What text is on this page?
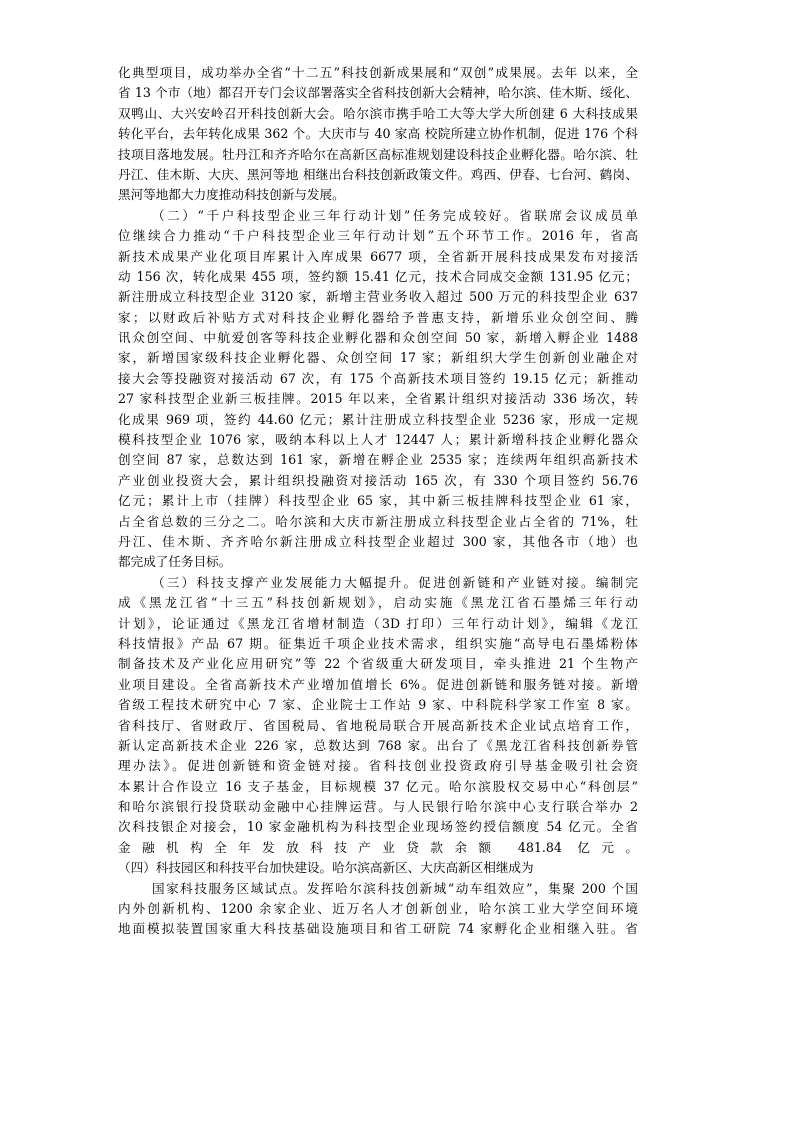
化典型项目，成功举办全省“十二五”科技创新成果展和“双创”成果展。去年 以来，全
省 13 个市（地）都召开专门会议部署落实全省科技创新大会精神，哈尔滨、佳木斯、绥化、
双鸭山、大兴安岭召开科技创新大会。哈尔滨市携手哈工大等大学大所创建 6 大科技成果
转化平台，去年转化成果 362 个。大庆市与 40 家高 校院所建立协作机制，促进 176 个科
技项目落地发展。牡丹江和齐齐哈尔在高新区高标准规划建设科技企业孵化器。哈尔滨、牡
丹江、佳木斯、大庆、黑河等地 相继出台科技创新政策文件。鸡西、伊春、七台河、鹤岗、
黑河等地都大力度推动科技创新与发展。
（二）“千户科技型企业三年行动计划”任务完成较好。省联席会议成员单
位继续合力推动“千户科技型企业三年行动计划”五个环节工作。2016 年，省高
新技术成果产业化项目库累计入库成果 6677 项，全省新开展科技成果发布对接活
动 156 次，转化成果 455 项，签约额 15.41 亿元，技术合同成交金额 131.95 亿元；
新注册成立科技型企业 3120 家，新增主营业务收入超过 500 万元的科技型企业 637
家；以财政后补贴方式对科技企业孵化器给予普惠支持，新增乐业众创空间、腾
讯众创空间、中航爱创客等科技企业孵化器和众创空间 50 家，新增入孵企业 1488
家，新增国家级科技企业孵化器、众创空间 17 家；新组织大学生创新创业融企对
接大会等投融资对接活动 67 次，有 175 个高新技术项目签约 19.15 亿元；新推动
27 家科技型企业新三板挂牌。2015 年以来，全省累计组织对接活动 336 场次，转
化成果 969 项，签约 44.60 亿元；累计注册成立科技型企业 5236 家，形成一定规
模科技型企业 1076 家，吸纳本科以上人才 12447 人；累计新增科技企业孵化器众
创空间 87 家，总数达到 161 家，新增在孵企业 2535 家；连续两年组织高新技术
产业创业投资大会，累计组织投融资对接活动 165 次，有 330 个项目签约 56.76
亿元；累计上市（挂牌）科技型企业 65 家，其中新三板挂牌科技型企业 61 家，
占全省总数的三分之二。哈尔滨和大庆市新注册成立科技型企业占全省的 71%，牡
丹江、佳木斯、齐齐哈尔新注册成立科技型企业超过 300 家，其他各市（地）也
都完成了任务目标。
（三）科技支撑产业发展能力大幅提升。促进创新链和产业链对接。编制完
成《黑龙江省“十三五”科技创新规划》，启动实施《黑龙江省石墨烯三年行动
计划》，论证通过《黑龙江省增材制造（3D 打印）三年行动计划》，编辑《龙江
科技情报》产品 67 期。征集近千项企业技术需求，组织实施“高导电石墨烯粉体
制备技术及产业化应用研究”等 22 个省级重大研发项目，牵头推进 21 个生物产
业项目建设。全省高新技术产业增加值增长 6%。促进创新链和服务链对接。新增
省级工程技术研究中心 7 家、企业院士工作站 9 家、中科院科学家工作室 8 家。
省科技厅、省财政厅、省国税局、省地税局联合开展高新技术企业试点培育工作，
新认定高新技术企业 226 家，总数达到 768 家。出台了《黑龙江省科技创新券管
理办法》。促进创新链和资金链对接。省科技创业投资政府引导基金吸引社会资
本累计合作设立 16 支子基金，目标规模 37 亿元。哈尔滨股权交易中心“科创层”
和哈尔滨银行投贷联动金融中心挂牌运营。与人民银行哈尔滨中心支行联合举办 2
次科技银企对接会，10 家金融机构为科技型企业现场签约授信额度 54 亿元。全省
金融机构全年发放科技产业贷款余额 481.84 亿元。
（四）科技园区和科技平台加快建设。哈尔滨高新区、大庆高新区相继成为
国家科技服务区域试点。发挥哈尔滨科技创新城“动车组效应”，集聚 200 个国
内外创新机构、1200 余家企业、近万名人才创新创业，哈尔滨工业大学空间环境
地面模拟装置国家重大科技基础设施项目和省工研院 74 家孵化企业相继入驻。省
